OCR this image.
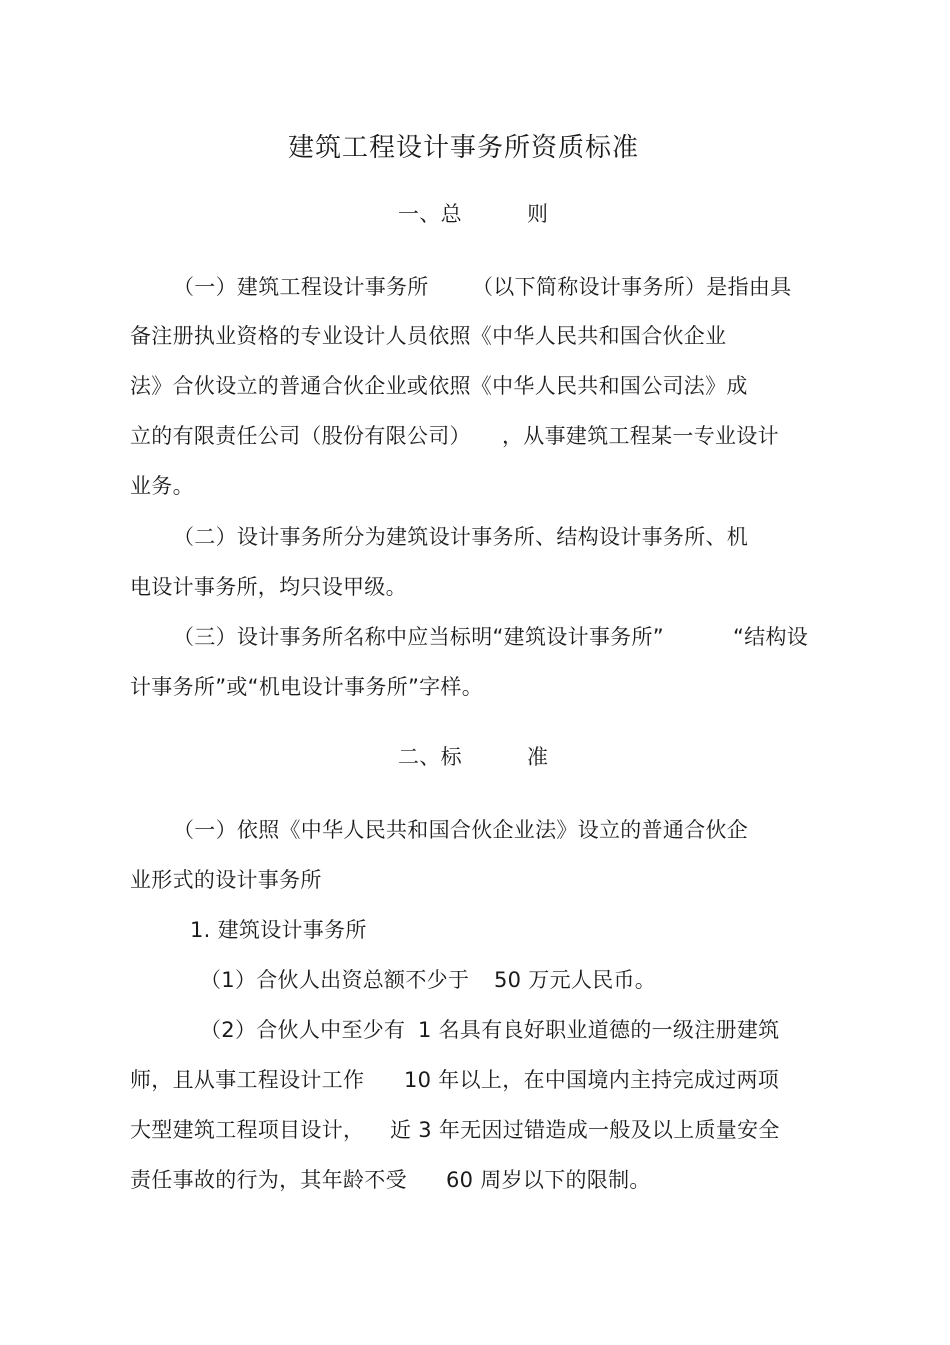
建筑工程设计事务所资质标准
一、总	则
（一）建筑工程设计事务所 （以下简称设计事务所）是指由具
备注册执业资格的专业设计人员依照《中华人民共和国合伙企业
法》合伙设立的普通合伙企业或依照《中华人民共和国公司法》成
立的有限责任公司（股份有限公司） ，从事建筑工程某一专业设计
业务。
（二）设计事务所分为建筑设计事务所、结构设计事务所、机
电设计事务所，均只设甲级。
（三）设计事务所名称中应当标明“建筑设计事务所”	“结构设
计事务所”或“机电设计事务所”字样。
二、标	准
（一）依照《中华人民共和国合伙企业法》设立的普通合伙企
业形式的设计事务所
1. 建筑设计事务所
（1）合伙人出资总额不少于 50 万元人民币。
（2）合伙人中至少有 1 名具有良好职业道德的一级注册建筑
师，且从事工程设计工作 10 年以上，在中国境内主持完成过两项
大型建筑工程项目设计， 近 3 年无因过错造成一般及以上质量安全
责任事故的行为，其年龄不受 60 周岁以下的限制。
